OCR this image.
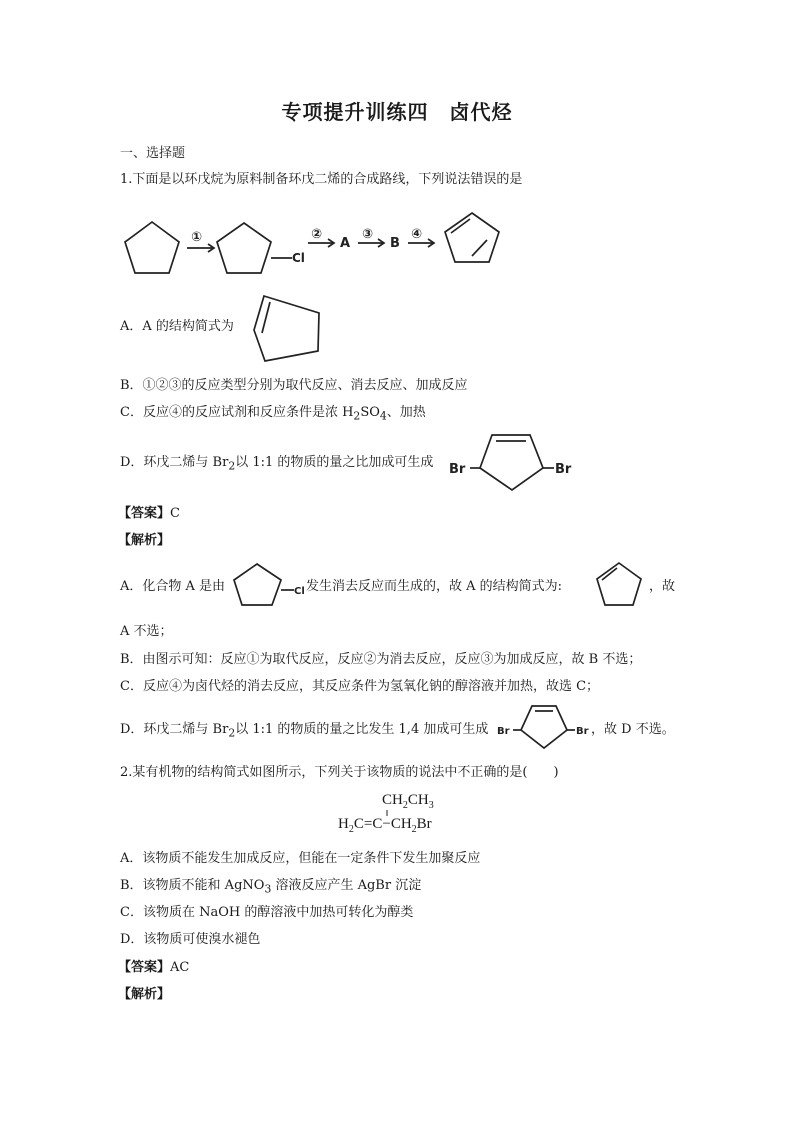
专项提升训练四　卤代烃
一、选择题
1.下面是以环戊烷为原料制备环戊二烯的合成路线，下列说法错误的是
①
Cl
②
A
③
B
④
A．A 的结构简式为
B．①②③的反应类型分别为取代反应、消去反应、加成反应
C．反应④的反应试剂和反应条件是浓 $H_2SO_4$、加热
D．环戊二烯与 $Br_2$以 1:1 的物质的量之比加成可生成 Br	Br
【答案】C
【解析】
A．化合物 A 是由	Cl 发生消去反应而生成的，故 A 的结构简式为:	，故
A 不选；
B．由图示可知：反应①为取代反应，反应②为消去反应，反应③为加成反应，故 B 不选；
C．反应④为卤代烃的消去反应，其反应条件为氢氧化钠的醇溶液并加热，故选 C；
D．环戊二烯与 $Br_2$以 1:1 的物质的量之比发生 1,4 加成可生成 Br	Br ，故 D 不选。
2.某有机物的结构简式如图所示，下列关于该物质的说法中不正确的是(　　)
$CH_2CH_3$
$H_2C=C-CH_2Br$
A．该物质不能发生加成反应，但能在一定条件下发生加聚反应
B．该物质不能和 AgNO$_3$ 溶液反应产生 AgBr 沉淀
C．该物质在 NaOH 的醇溶液中加热可转化为醇类
D．该物质可使溴水褪色
【答案】AC
【解析】
